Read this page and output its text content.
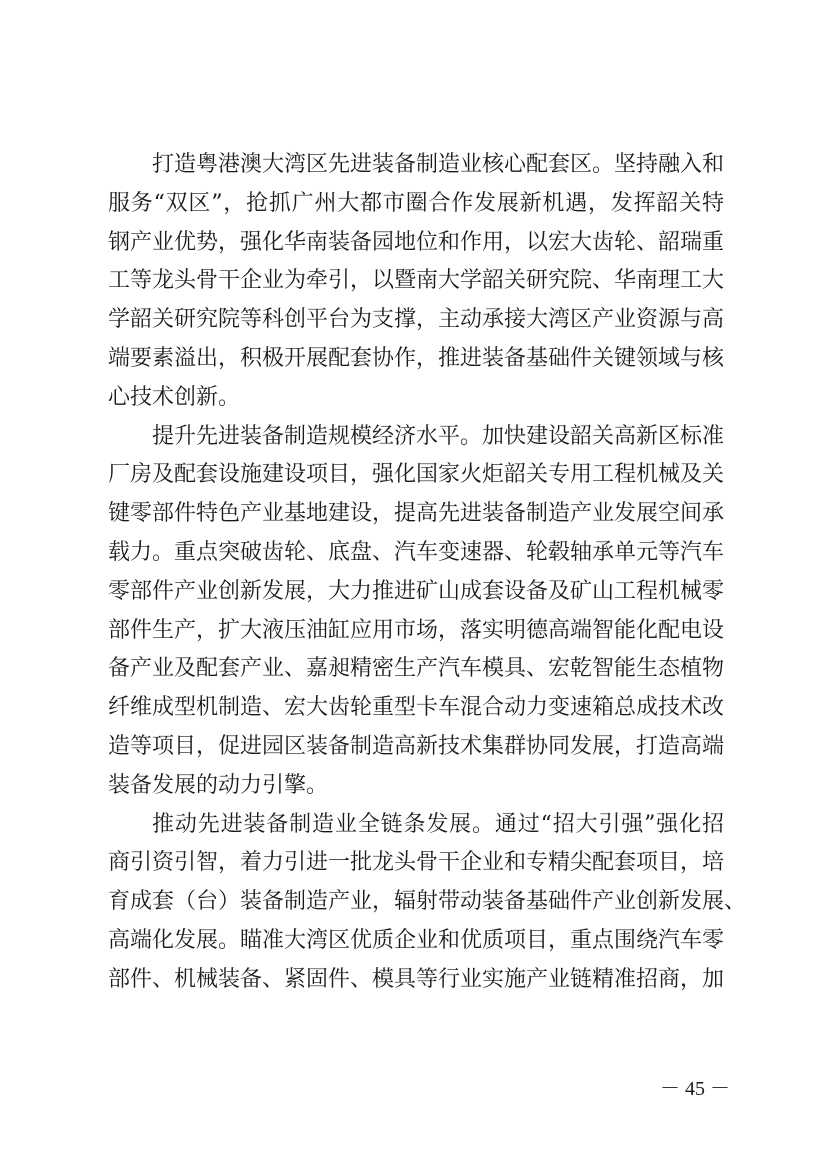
打造粤港澳大湾区先进装备制造业核心配套区。坚持融入和
服务“双区”，抢抓广州大都市圈合作发展新机遇，发挥韶关特
钢产业优势，强化华南装备园地位和作用，以宏大齿轮、韶瑞重
工等龙头骨干企业为牵引，以暨南大学韶关研究院、华南理工大
学韶关研究院等科创平台为支撑，主动承接大湾区产业资源与高
端要素溢出，积极开展配套协作，推进装备基础件关键领域与核
心技术创新。
提升先进装备制造规模经济水平。加快建设韶关高新区标准
厂房及配套设施建设项目，强化国家火炬韶关专用工程机械及关
键零部件特色产业基地建设，提高先进装备制造产业发展空间承
载力。重点突破齿轮、底盘、汽车变速器、轮毂轴承单元等汽车
零部件产业创新发展，大力推进矿山成套设备及矿山工程机械零
部件生产，扩大液压油缸应用市场，落实明德高端智能化配电设
备产业及配套产业、嘉昶精密生产汽车模具、宏乾智能生态植物
纤维成型机制造、宏大齿轮重型卡车混合动力变速箱总成技术改
造等项目，促进园区装备制造高新技术集群协同发展，打造高端
装备发展的动力引擎。
推动先进装备制造业全链条发展。通过“招大引强”强化招
商引资引智，着力引进一批龙头骨干企业和专精尖配套项目，培
育成套（台）装备制造产业，辐射带动装备基础件产业创新发展、
高端化发展。瞄准大湾区优质企业和优质项目，重点围绕汽车零
部件、机械装备、紧固件、模具等行业实施产业链精准招商，加
－ 45 －
